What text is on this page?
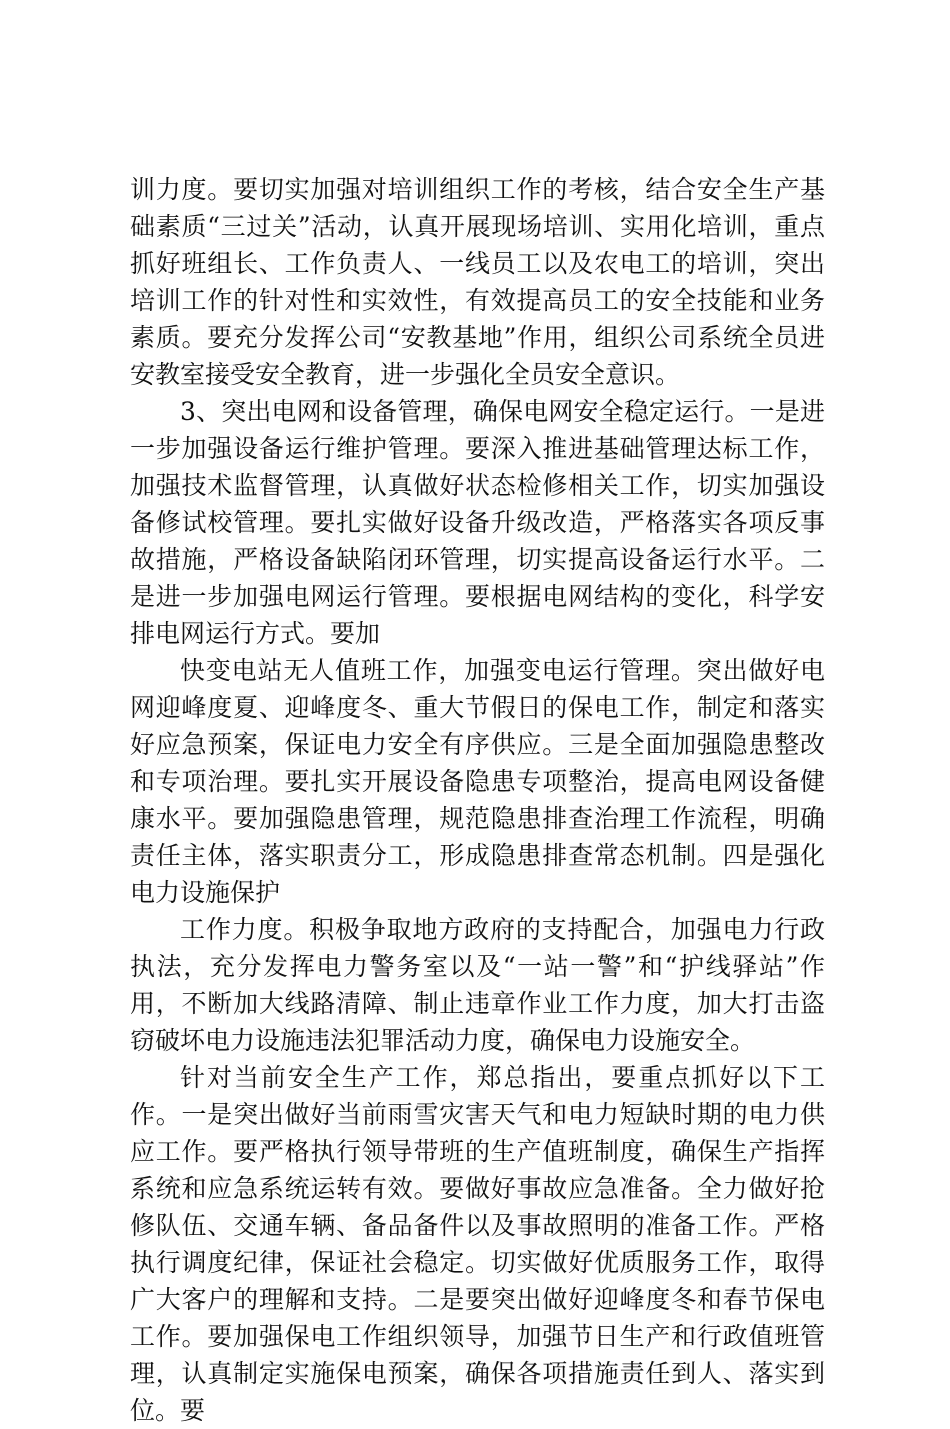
训力度。要切实加强对培训组织工作的考核，结合安全生产基础素质“三过关”活动，认真开展现场培训、实用化培训，重点抓好班组长、工作负责人、一线员工以及农电工的培训，突出培训工作的针对性和实效性，有效提高员工的安全技能和业务素质。要充分发挥公司“安教基地”作用，组织公司系统全员进安教室接受安全教育，进一步强化全员安全意识。

3、突出电网和设备管理，确保电网安全稳定运行。一是进一步加强设备运行维护管理。要深入推进基础管理达标工作，加强技术监督管理，认真做好状态检修相关工作，切实加强设备修试校管理。要扎实做好设备升级改造，严格落实各项反事故措施，严格设备缺陷闭环管理，切实提高设备运行水平。二是进一步加强电网运行管理。要根据电网结构的变化，科学安排电网运行方式。要加

快变电站无人值班工作，加强变电运行管理。突出做好电网迎峰度夏、迎峰度冬、重大节假日的保电工作，制定和落实好应急预案，保证电力安全有序供应。三是全面加强隐患整改和专项治理。要扎实开展设备隐患专项整治，提高电网设备健康水平。要加强隐患管理，规范隐患排查治理工作流程，明确责任主体，落实职责分工，形成隐患排查常态机制。四是强化电力设施保护

工作力度。积极争取地方政府的支持配合，加强电力行政执法，充分发挥电力警务室以及“一站一警”和“护线驿站”作用，不断加大线路清障、制止违章作业工作力度，加大打击盗窃破坏电力设施违法犯罪活动力度，确保电力设施安全。

针对当前安全生产工作，郑总指出，要重点抓好以下工作。一是突出做好当前雨雪灾害天气和电力短缺时期的电力供应工作。要严格执行领导带班的生产值班制度，确保生产指挥系统和应急系统运转有效。要做好事故应急准备。全力做好抢修队伍、交通车辆、备品备件以及事故照明的准备工作。严格执行调度纪律，保证社会稳定。切实做好优质服务工作，取得广大客户的理解和支持。二是要突出做好迎峰度冬和春节保电工作。要加强保电工作组织领导，加强节日生产和行政值班管理，认真制定实施保电预案，确保各项措施责任到人、落实到位。要
